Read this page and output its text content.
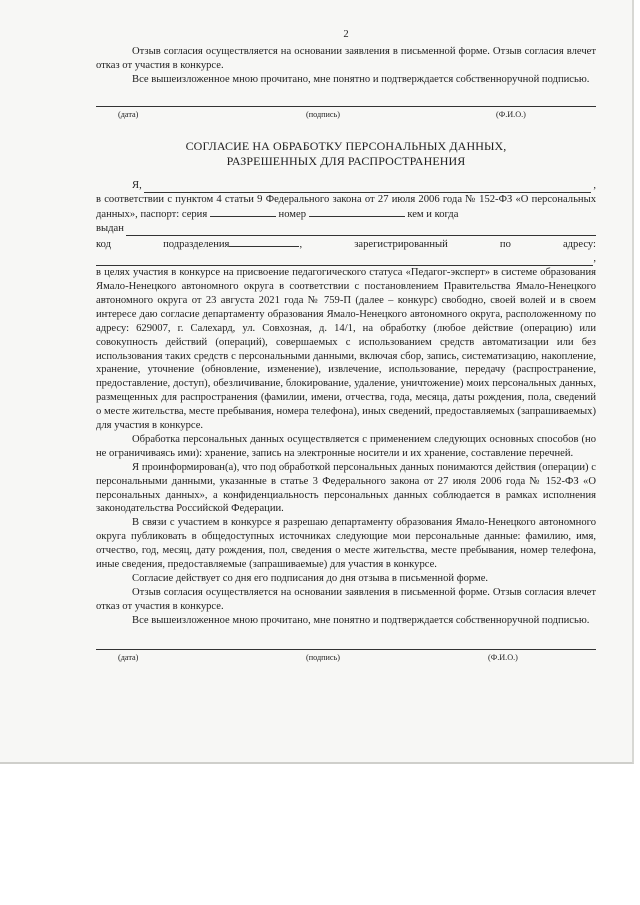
2

Отзыв согласия осуществляется на основании заявления в письменной форме. Отзыв согласия влечет отказ от участия в конкурсе.

Все вышеизложенное мною прочитано, мне понятно и подтверждается собственноручной подписью.

(дата)	(подпись)	(Ф.И.О.)
СОГЛАСИЕ НА ОБРАБОТКУ ПЕРСОНАЛЬНЫХ ДАННЫХ,
РАЗРЕШЕННЫХ ДЛЯ РАСПРОСТРАНЕНИЯ
Я,	,

в соответствии с пунктом 4 статьи 9 Федерального закона от 27 июля 2006 года № 152-ФЗ «О персональных данных», паспорт: серия	номер	кем и когда

выдан
код	подразделения	,	зарегистрированный	по	адресу:
,

в целях участия в конкурсе на присвоение педагогического статуса «Педагог-эксперт» в системе образования Ямало-Ненецкого автономного округа в соответствии с постановлением Правительства Ямало-Ненецкого автономного округа от 23 августа 2021 года № 759-П (далее – конкурс) свободно, своей волей и в своем интересе даю согласие департаменту образования Ямало-Ненецкого автономного округа, расположенному по адресу: 629007, г. Салехард, ул. Совхозная, д. 14/1, на обработку (любое действие (операцию) или совокупность действий (операций), совершаемых с использованием средств автоматизации или без использования таких средств с персональными данными, включая сбор, запись, систематизацию, накопление, хранение, уточнение (обновление, изменение), извлечение, использование, передачу (распространение, предоставление, доступ), обезличивание, блокирование, удаление, уничтожение) моих персональных данных, размещенных для распространения (фамилии, имени, отчества, года, месяца, даты рождения, пола, сведений о месте жительства, месте пребывания, номера телефона), иных сведений, предоставляемых (запрашиваемых) для участия в конкурсе.

Обработка персональных данных осуществляется с применением следующих основных способов (но не ограничиваясь ими): хранение, запись на электронные носители и их хранение, составление перечней.

Я проинформирован(а), что под обработкой персональных данных понимаются действия (операции) с персональными данными, указанные в статье 3 Федерального закона от 27 июля 2006 года № 152-ФЗ «О персональных данных», а конфиденциальность персональных данных соблюдается в рамках исполнения законодательства Российской Федерации.

В связи с участием в конкурсе я разрешаю департаменту образования Ямало-Ненецкого автономного округа публиковать в общедоступных источниках следующие мои персональные данные: фамилию, имя, отчество, год, месяц, дату рождения, пол, сведения о месте жительства, месте пребывания, номер телефона, иные сведения, предоставляемые (запрашиваемые) для участия в конкурсе.

Согласие действует со дня его подписания до дня отзыва в письменной форме.

Отзыв согласия осуществляется на основании заявления в письменной форме. Отзыв согласия влечет отказ от участия в конкурсе.

Все вышеизложенное мною прочитано, мне понятно и подтверждается собственноручной подписью.

(дата)	(подпись)	(Ф.И.О.)
